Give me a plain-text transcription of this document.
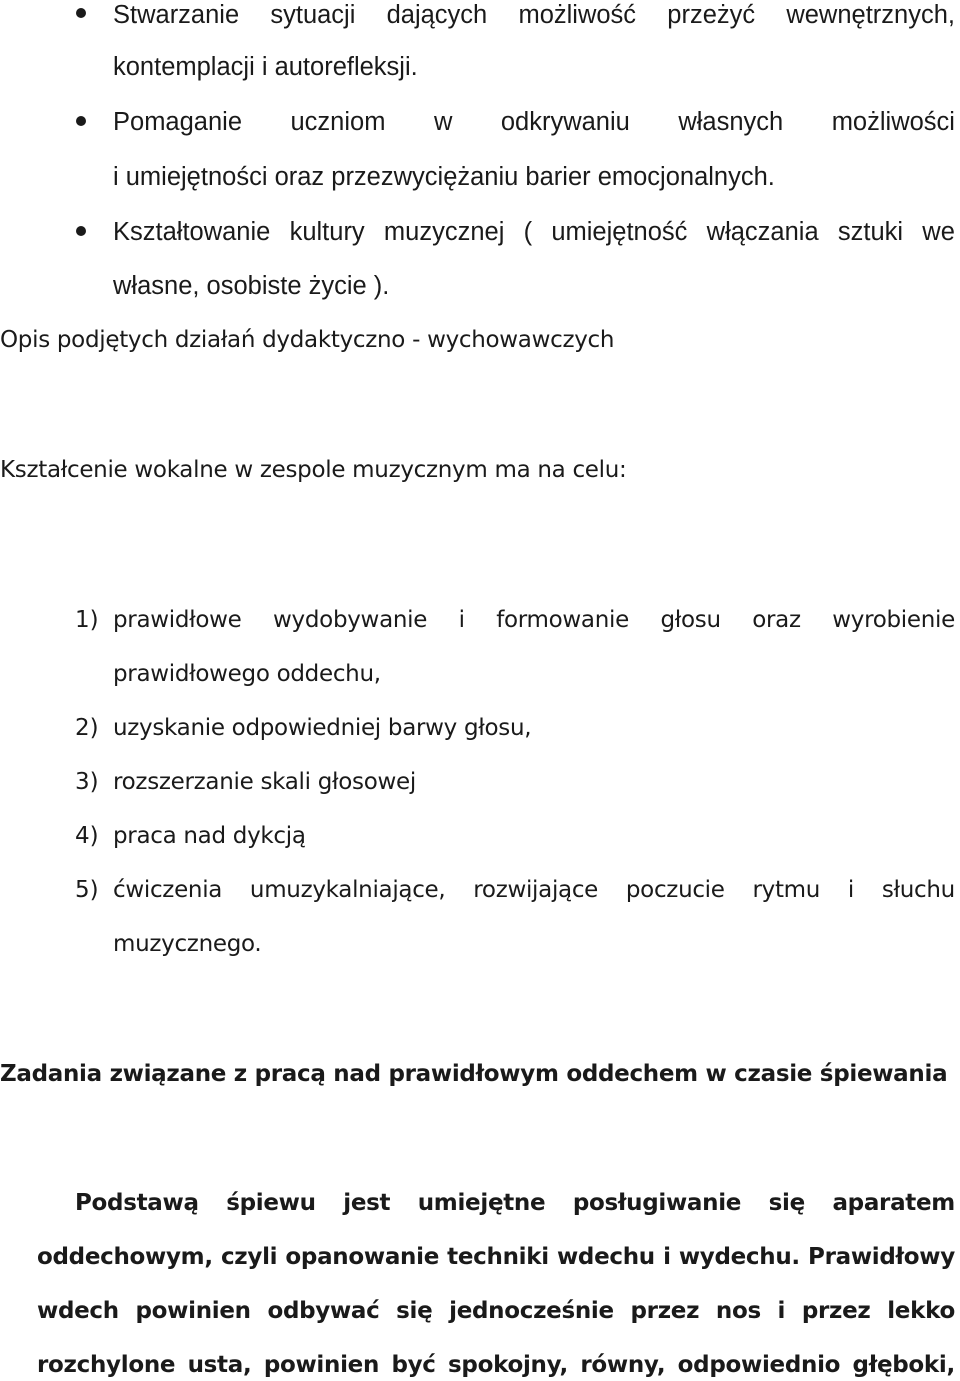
Stwarzanie sytuacji dających możliwość przeżyć wewnętrznych,
kontemplacji i autorefleksji.
Pomaganie uczniom w odkrywaniu własnych możliwości
i umiejętności oraz przezwyciężaniu barier emocjonalnych.
Kształtowanie kultury muzycznej ( umiejętność włączania sztuki we
własne, osobiste życie ).
Opis podjętych działań dydaktyczno - wychowawczych
Kształcenie wokalne w zespole muzycznym ma na celu:
1) prawidłowe wydobywanie i formowanie głosu oraz wyrobienie
prawidłowego oddechu,
2) uzyskanie odpowiedniej barwy głosu,
3) rozszerzanie skali głosowej
4) praca nad dykcją
5) ćwiczenia umuzykalniające, rozwijające poczucie rytmu i słuchu
muzycznego.
Zadania związane z pracą nad prawidłowym oddechem w czasie śpiewania
Podstawą śpiewu jest umiejętne posługiwanie się aparatem
oddechowym, czyli opanowanie techniki wdechu i wydechu. Prawidłowy
wdech powinien odbywać się jednocześnie przez nos i przez lekko
rozchylone usta, powinien być spokojny, równy, odpowiednio głęboki,
